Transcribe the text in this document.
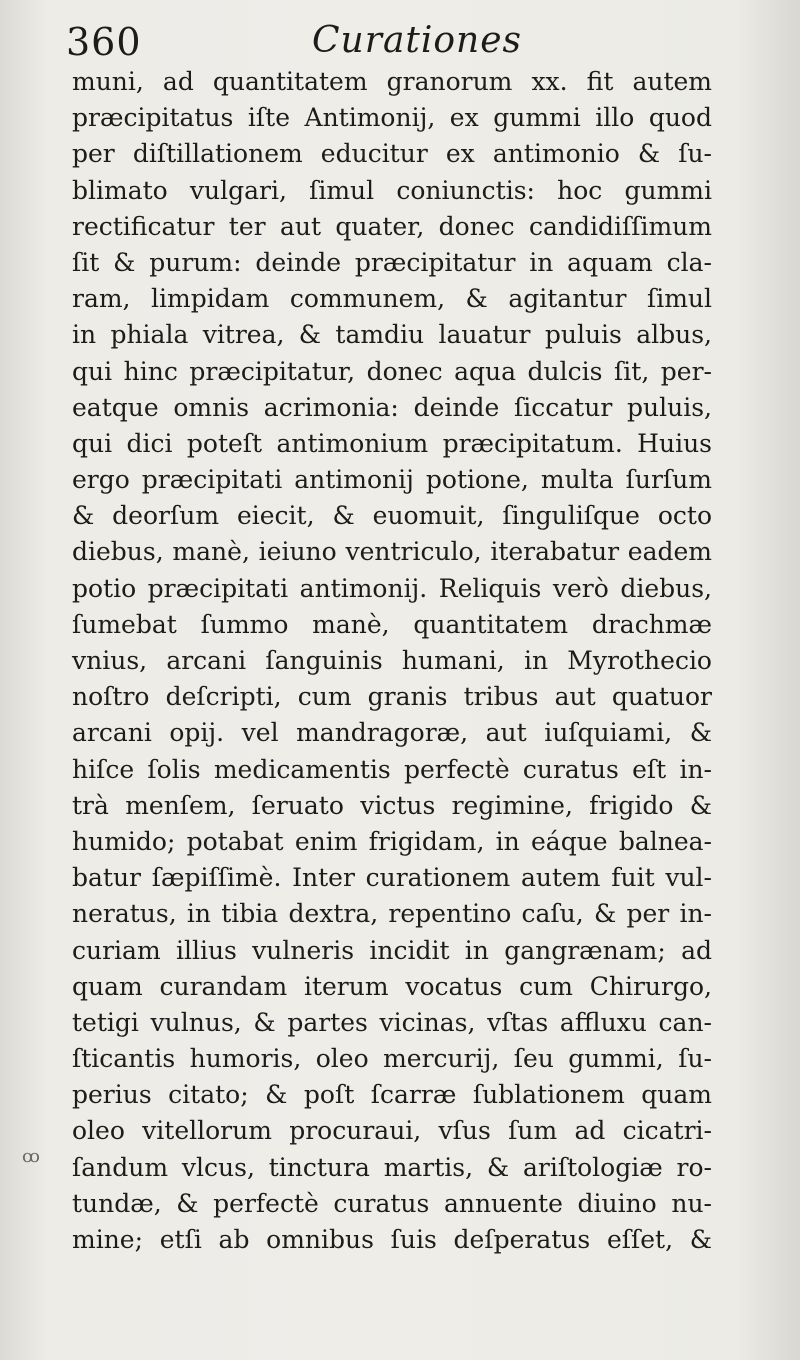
360	Curationes
ꝏ
muni, ad quantitatem granorum xx. fit autem
præcipitatus iſte Antimonij, ex gummi illo quod
per diſtillationem educitur ex antimonio & ſu-
blimato vulgari, ſimul coniunctis: hoc gummi
rectificatur ter aut quater, donec candidiſſimum
ſit & purum: deinde præcipitatur in aquam cla-
ram, limpidam communem, & agitantur ſimul
in phiala vitrea, & tamdiu lauatur puluis albus,
qui hinc præcipitatur, donec aqua dulcis ſit, per-
eatque omnis acrimonia: deinde ſiccatur puluis,
qui dici poteſt antimonium præcipitatum. Huius
ergo præcipitati antimonij potione, multa ſurſum
& deorſum eiecit, & euomuit, ſinguliſque octo
diebus, manè, ieiuno ventriculo, iterabatur eadem
potio præcipitati antimonij. Reliquis verò diebus,
ſumebat ſummo manè, quantitatem drachmæ
vnius, arcani ſanguinis humani, in Myrothecio
noſtro deſcripti, cum granis tribus aut quatuor
arcani opij. vel mandragoræ, aut iuſquiami, &
hiſce ſolis medicamentis perfectè curatus eſt in-
trà menſem, ſeruato victus regimine, frigido &
humido; potabat enim frigidam, in eáque balnea-
batur ſæpiſſimè. Inter curationem autem fuit vul-
neratus, in tibia dextra, repentino caſu, & per in-
curiam illius vulneris incidit in gangrænam; ad
quam curandam iterum vocatus cum Chirurgo,
tetigi vulnus, & partes vicinas, vſtas affluxu can-
ſticantis humoris, oleo mercurij, ſeu gummi, ſu-
perius citato; & poſt ſcarræ ſublationem quam
oleo vitellorum procuraui, vſus ſum ad cicatri-
ſandum vlcus, tinctura martis, & ariſtologiæ ro-
tundæ, & perfectè curatus annuente diuino nu-
mine; etſi ab omnibus ſuis deſperatus eſſet, &
